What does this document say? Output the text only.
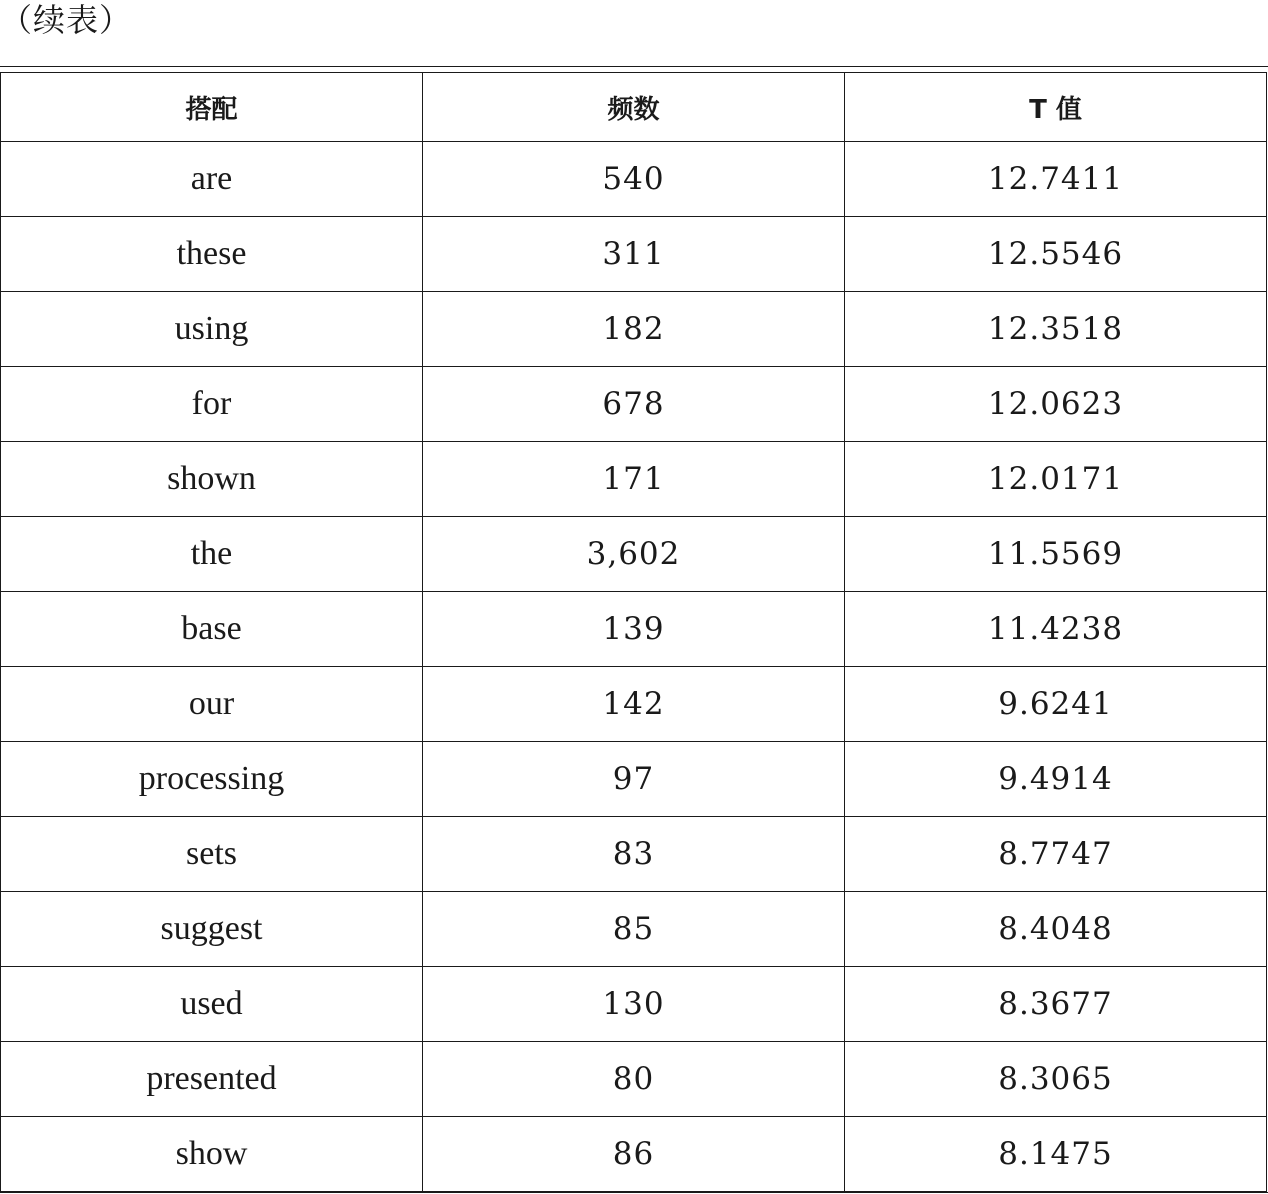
（续表）
搭配	频数	T 值
are	540	12.7411
these	311	12.5546
using	182	12.3518
for	678	12.0623
shown	171	12.0171
the	3,602	11.5569
base	139	11.4238
our	142	9.6241
processing	97	9.4914
sets	83	8.7747
suggest	85	8.4048
used	130	8.3677
presented	80	8.3065
show	86	8.1475
